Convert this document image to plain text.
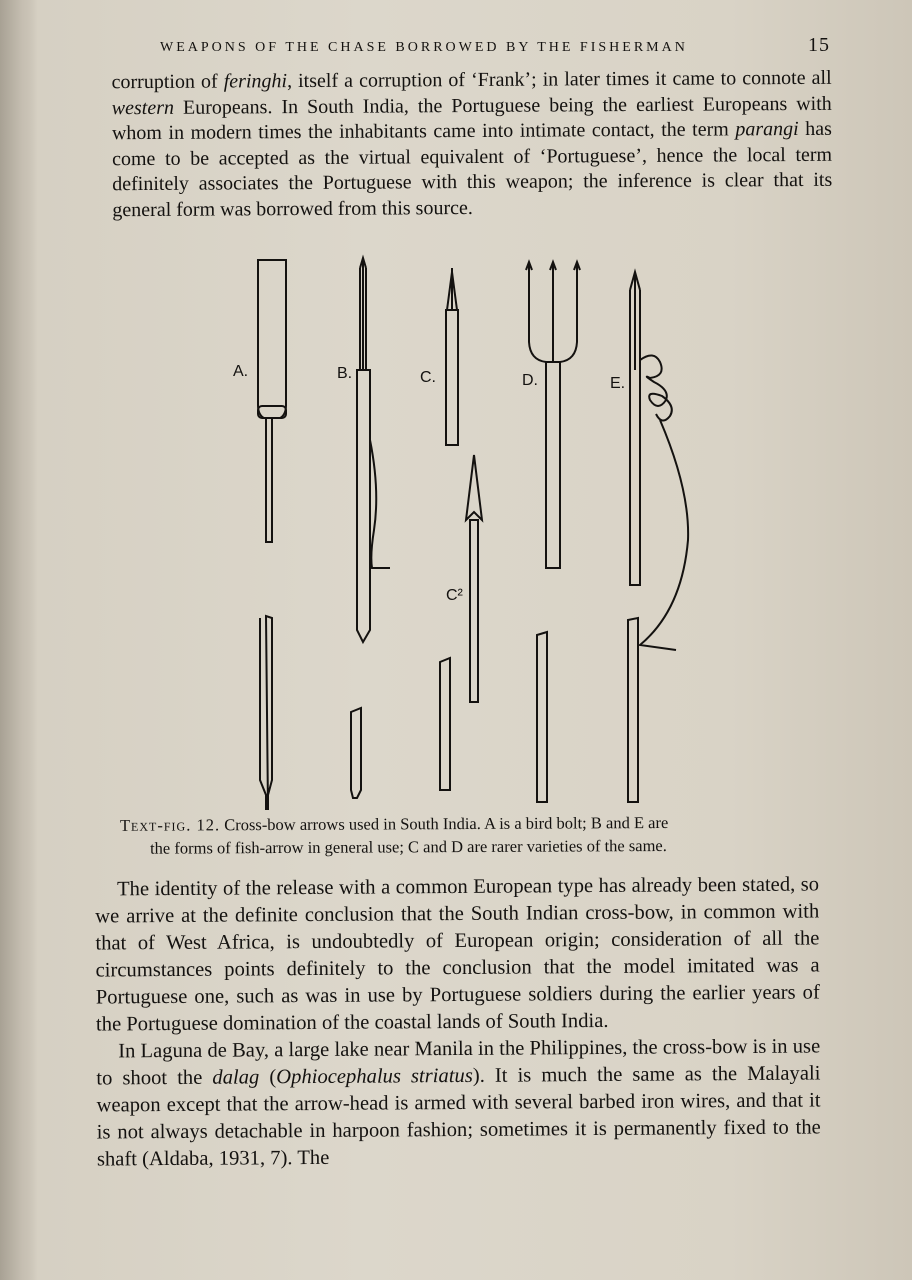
WEAPONS OF THE CHASE BORROWED BY THE FISHERMAN	15

corruption of feringhi, itself a corruption of ‘Frank’; in later times it came to connote all western Europeans. In South India, the Portuguese being the earliest Europeans with whom in modern times the inhabitants came into intimate contact, the term parangi has come to be accepted as the virtual equivalent of ‘Portuguese’, hence the local term definitely associates the Portuguese with this weapon; the inference is clear that its general form was borrowed from this source.

A.	B.	C.	D.	E.
C²
Text-fig. 12. Cross-bow arrows used in South India. A is a bird bolt; B and E are
the forms of fish-arrow in general use; C and D are rarer varieties of the same.

The identity of the release with a common European type has already been stated, so we arrive at the definite conclusion that the South Indian cross-bow, in common with that of West Africa, is undoubtedly of European origin; consideration of all the circumstances points definitely to the conclusion that the model imitated was a Portuguese one, such as was in use by Portuguese soldiers during the earlier years of the Portuguese domination of the coastal lands of South India.

In Laguna de Bay, a large lake near Manila in the Philippines, the cross-bow is in use to shoot the dalag (Ophiocephalus striatus). It is much the same as the Malayali weapon except that the arrow-head is armed with several barbed iron wires, and that it is not always detachable in harpoon fashion; sometimes it is permanently fixed to the shaft (Aldaba, 1931, 7). The
